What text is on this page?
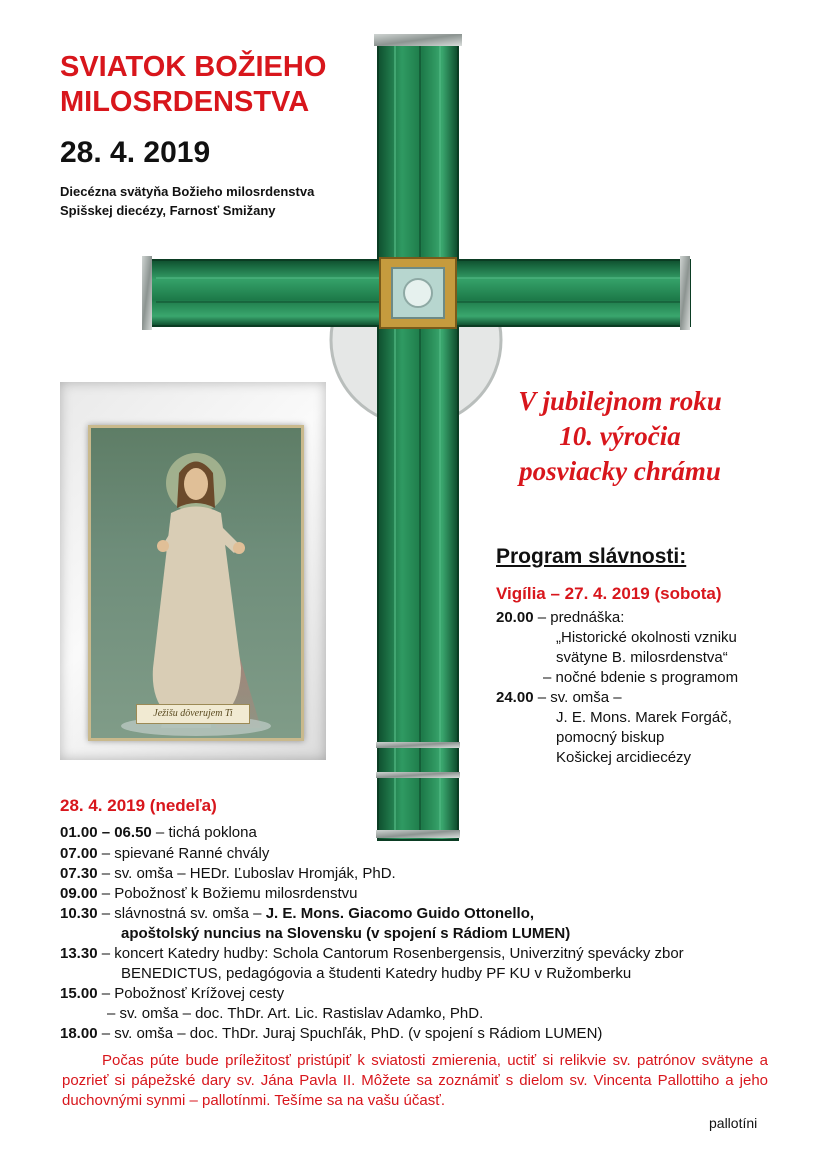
SVIATOK BOŽIEHO
MILOSRDENSTVA
28. 4. 2019
Diecézna svätyňa Božieho milosrdenstva
Spišskej diecézy, Farnosť Smižany
Ježišu dôverujem Ti
V jubilejnom roku
10. výročia
posviacky chrámu
Program slávnosti:
Vigília – 27. 4. 2019 (sobota)
20.00 – prednáška:
„Historické okolnosti vzniku
svätyne B. milosrdenstva“
– nočné bdenie s programom
24.00 – sv. omša –
J. E. Mons. Marek Forgáč,
pomocný biskup
Košickej arcidiecézy
28. 4. 2019 (nedeľa)
01.00 – 06.50 – tichá poklona
07.00 – spievané Ranné chvály
07.30 – sv. omša – HEDr. Ľuboslav Hromják, PhD.
09.00 – Pobožnosť k Božiemu milosrdenstvu
10.30 – slávnostná sv. omša – J. E. Mons. Giacomo Guido Ottonello,
apoštolský nuncius na Slovensku (v spojení s Rádiom LUMEN)
13.30 – koncert Katedry hudby: Schola Cantorum Rosenbergensis, Univerzitný spevácky zbor
BENEDICTUS, pedagógovia a študenti Katedry hudby PF KU v Ružomberku
15.00 – Pobožnosť Krížovej cesty
– sv. omša – doc. ThDr. Art. Lic. Rastislav Adamko, PhD.
18.00 – sv. omša – doc. ThDr. Juraj Spuchľák, PhD. (v spojení s Rádiom LUMEN)
Počas púte bude príležitosť pristúpiť k sviatosti zmierenia, uctiť si relikvie sv. patrónov svätyne a pozrieť si pápežské dary sv. Jána Pavla II. Môžete sa zoznámiť s dielom sv. Vincenta Pallottiho a jeho duchovnými synmi – pallotínmi. Tešíme sa na vašu účasť.
pallotíni
